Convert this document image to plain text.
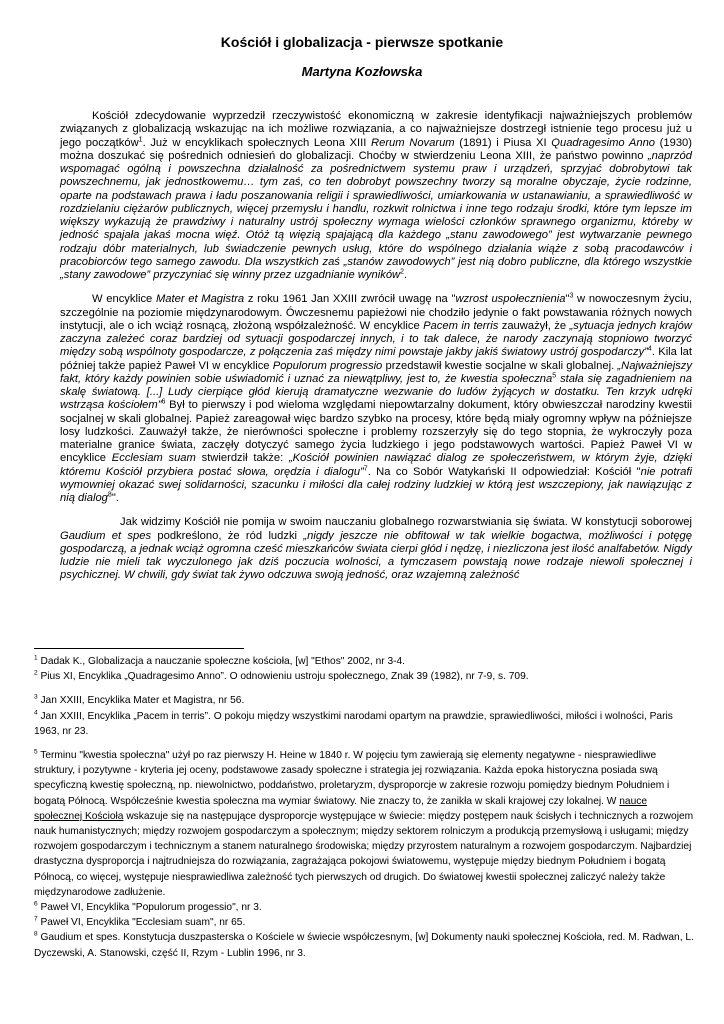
Kościół i globalizacja - pierwsze spotkanie
Martyna Kozłowska

Kościół zdecydowanie wyprzedził rzeczywistość ekonomiczną w zakresie identyfikacji najważniejszych problemów związanych z globalizacją wskazując na ich możliwe rozwiązania, a co najważniejsze dostrzegł istnienie tego procesu już u jego początków$^1$. Już w encyklikach społecznych Leona XIII Rerum Novarum (1891) i Piusa XI Quadragesimo Anno (1930) można doszukać się pośrednich odniesień do globalizacji. Choćby w stwierdzeniu Leona XIII, że państwo powinno „naprzód wspomagać ogólną i powszechna działalność za pośrednictwem systemu praw i urządzeń, sprzyjać dobrobytowi tak powszechnemu, jak jednostkowemu… tym zaś, co ten dobrobyt powszechny tworzy są moralne obyczaje, życie rodzinne, oparte na podstawach prawa i ładu poszanowania religii i sprawiedliwości, umiarkowania w ustanawianiu, a sprawiedliwość w rozdzielaniu ciężarów publicznych, więcej przemysłu i handlu, rozkwit rolnictwa i inne tego rodzaju środki, które tym lepsze im większy wykazują że prawdziwy i naturalny ustrój społeczny wymaga wielości członków sprawnego organizmu, któreby w jedność spajała jakaś mocna więź. Otóż tą więzią spajającą dla każdego „stanu zawodowego” jest wytwarzanie pewnego rodzaju dóbr materialnych, lub świadczenie pewnych usług, które do wspólnego działania wiąże z sobą pracodawców i pracobiorców tego samego zawodu. Dla wszystkich zaś „stanów zawodowych” jest nią dobro publiczne, dla którego wszystkie „stany zawodowe” przyczyniać się winny przez uzgadnianie wyników$^2$.

W encyklice Mater et Magistra z roku 1961 Jan XXIII zwrócił uwagę na "wzrost uspołecznienia"$^3$ w nowoczesnym życiu, szczególnie na poziomie międzynarodowym. Ówczesnemu papieżowi nie chodziło jedynie o fakt powstawania różnych nowych instytucji, ale o ich wciąż rosnącą, złożoną współzależność. W encyklice Pacem in terris zauważył, że „sytuacja jednych krajów zaczyna zależeć coraz bardziej od sytuacji gospodarczej innych, i to tak dalece, że narody zaczynają stopniowo tworzyć między sobą wspólnoty gospodarcze, z połączenia zaś między nimi powstaje jakby jakiś światowy ustrój gospodarczy”$^4$. Kila lat później także papież Paweł VI w encyklice Populorum progressio przedstawił kwestie socjalne w skali globalnej. „Najważniejszy fakt, który każdy powinien sobie uświadomić i uznać za niewątpliwy, jest to, że kwestia społeczna$^5$ stała się zagadnieniem na skalę światową. [...] Ludy cierpiące głód kierują dramatyczne wezwanie do ludów żyjących w dostatku. Ten krzyk udręki wstrząsa kościołem”$^6$ Był to pierwszy i pod wieloma względami niepowtarzalny dokument, który obwieszczał narodziny kwestii socjalnej w skali globalnej. Papież zareagował więc bardzo szybko na procesy, które będą miały ogromny wpływ na późniejsze losy ludzkości. Zauważył także, że nierówności społeczne i problemy rozszerzyły się do tego stopnia, że wykroczyły poza materialne granice świata, zaczęły dotyczyć samego życia ludzkiego i jego podstawowych wartości. Papież Paweł VI w encyklice Ecclesiam suam stwierdził także: „Kościół powinien nawiązać dialog ze społeczeństwem, w którym żyje, dzięki któremu Kościół przybiera postać słowa, orędzia i dialogu”$^7$. Na co Sobór Watykański II odpowiedział: Kościół "nie potrafi wymowniej okazać swej solidarności, szacunku i miłości dla całej rodziny ludzkiej w którą jest wszczepiony, jak nawiązując z nią dialog$^8$".

Jak widzimy Kościół nie pomija w swoim nauczaniu globalnego rozwarstwiania się świata. W konstytucji soborowej Gaudium et spes podkreślono, że ród ludzki „nigdy jeszcze nie obfitował w tak wielkie bogactwa, możliwości i potęgę gospodarczą, a jednak wciąż ogromna cześć mieszkańców świata cierpi głód i nędzę, i niezliczona jest ilość analfabetów. Nigdy ludzie nie mieli tak wyczulonego jak dziś poczucia wolności, a tymczasem powstają nowe rodzaje niewoli społecznej i psychicznej. W chwili, gdy świat tak żywo odczuwa swoją jedność, oraz wzajemną zależność

$^1$ Dadak K., Globalizacja a nauczanie społeczne kościoła, [w] "Ethos" 2002, nr 3-4.
$^2$ Pius XI, Encyklika „Quadragesimo Anno”. O odnowieniu ustroju społecznego, Znak 39 (1982), nr 7-9, s. 709.
$^3$ Jan XXIII, Encyklika Mater et Magistra, nr 56.
$^4$ Jan XXIII, Encyklika „Pacem in terris”. O pokoju między wszystkimi narodami opartym na prawdzie, sprawiedliwości, miłości i wolności, Paris 1963, nr 23.
$^5$ Terminu "kwestia społeczna" użył po raz pierwszy H. Heine w 1840 r. W pojęciu tym zawierają się elementy negatywne - niesprawiedliwe struktury, i pozytywne - kryteria jej oceny, podstawowe zasady społeczne i strategia jej rozwiązania. Każda epoka historyczna posiada swą specyficzną kwestię społeczną, np. niewolnictwo, poddaństwo, proletaryzm, dysproporcje w zakresie rozwoju pomiędzy biednym Południem i bogatą Północą. Współcześnie kwestia społeczna ma wymiar światowy. Nie znaczy to, że zanikła w skali krajowej czy lokalnej. W nauce społecznej Kościoła wskazuje się na następujące dysproporcje występujące w świecie: między postępem nauk ścisłych i technicznych a rozwojem nauk humanistycznych; między rozwojem gospodarczym a społecznym; między sektorem rolniczym a produkcją przemysłową i usługami; między rozwojem gospodarczym i technicznym a stanem naturalnego środowiska; między przyrostem naturalnym a rozwojem gospodarczym. Najbardziej drastyczna dysproporcja i najtrudniejsza do rozwiązania, zagrażająca pokojowi światowemu, występuje między biednym Południem i bogatą Północą, co więcej, występuje niesprawiedliwa zależność tych pierwszych od drugich. Do światowej kwestii społecznej zaliczyć należy także międzynarodowe zadłużenie.
$^6$ Paweł VI, Encyklika "Populorum progessio", nr 3.
$^7$ Paweł VI, Encyklika "Ecclesiam suam", nr 65.
$^8$ Gaudium et spes. Konstytucja duszpasterska o Kościele w świecie współczesnym, [w] Dokumenty nauki społecznej Kościoła, red. M. Radwan, L. Dyczewski, A. Stanowski, część II, Rzym - Lublin 1996, nr 3.
